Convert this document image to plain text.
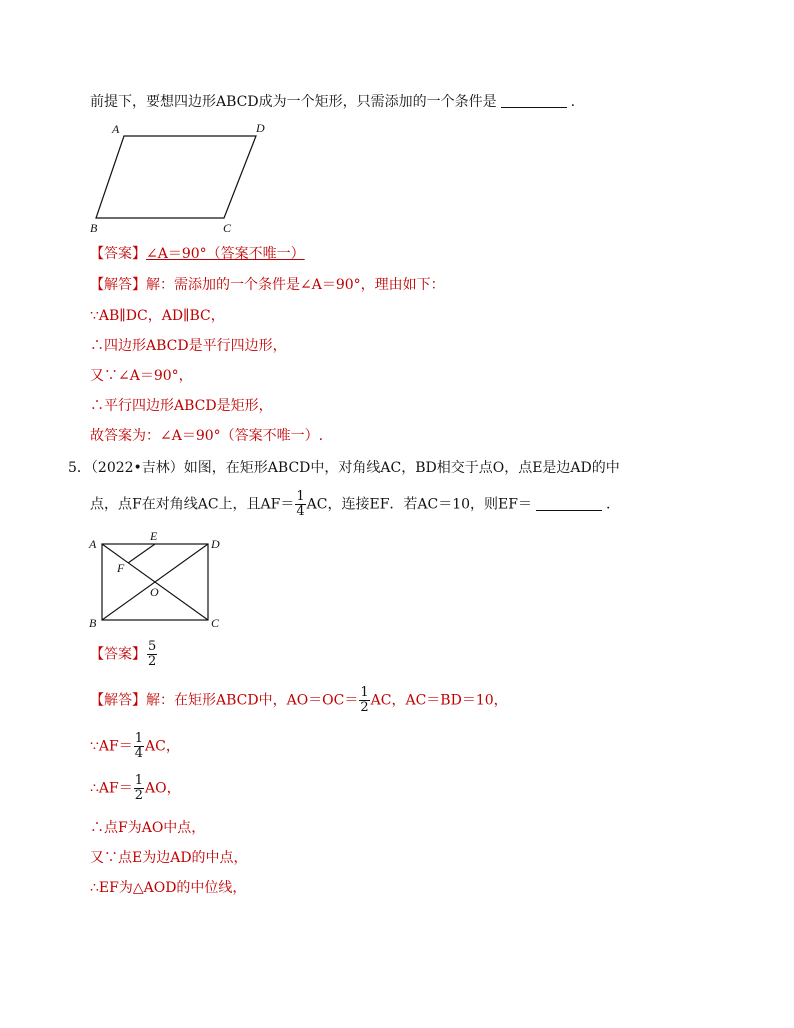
前提下，要想四边形ABCD成为一个矩形，只需添加的一个条件是	.
A	D
B	C
【答案】∠A＝90°（答案不唯一）
【解答】解：需添加的一个条件是∠A＝90°，理由如下：
∵AB∥DC，AD∥BC，
∴四边形ABCD是平行四边形，
又∵∠A＝90°，
∴平行四边形ABCD是矩形，
故答案为：∠A＝90°（答案不唯一）.
5．（2022•吉林）如图，在矩形ABCD中，对角线AC，BD相交于点O，点E是边AD的中
点，点F在对角线AC上，且$AF= \frac{1}{4}$ AC，连接EF．若AC＝10，则EF＝	.
A
E
D
F
O
B	C
【答案】 $\frac{5}{2}$
【解答】解：在矩形ABCD中，$AO=OC= \frac{1}{2}$ AC，AC＝BD＝10，
∵AF＝ $\frac{1}{4}$ AC，
∴AF＝ $\frac{1}{2}$ AO，
∴点F为AO中点，
又∵点E为边AD的中点，
∴EF为△AOD的中位线，
